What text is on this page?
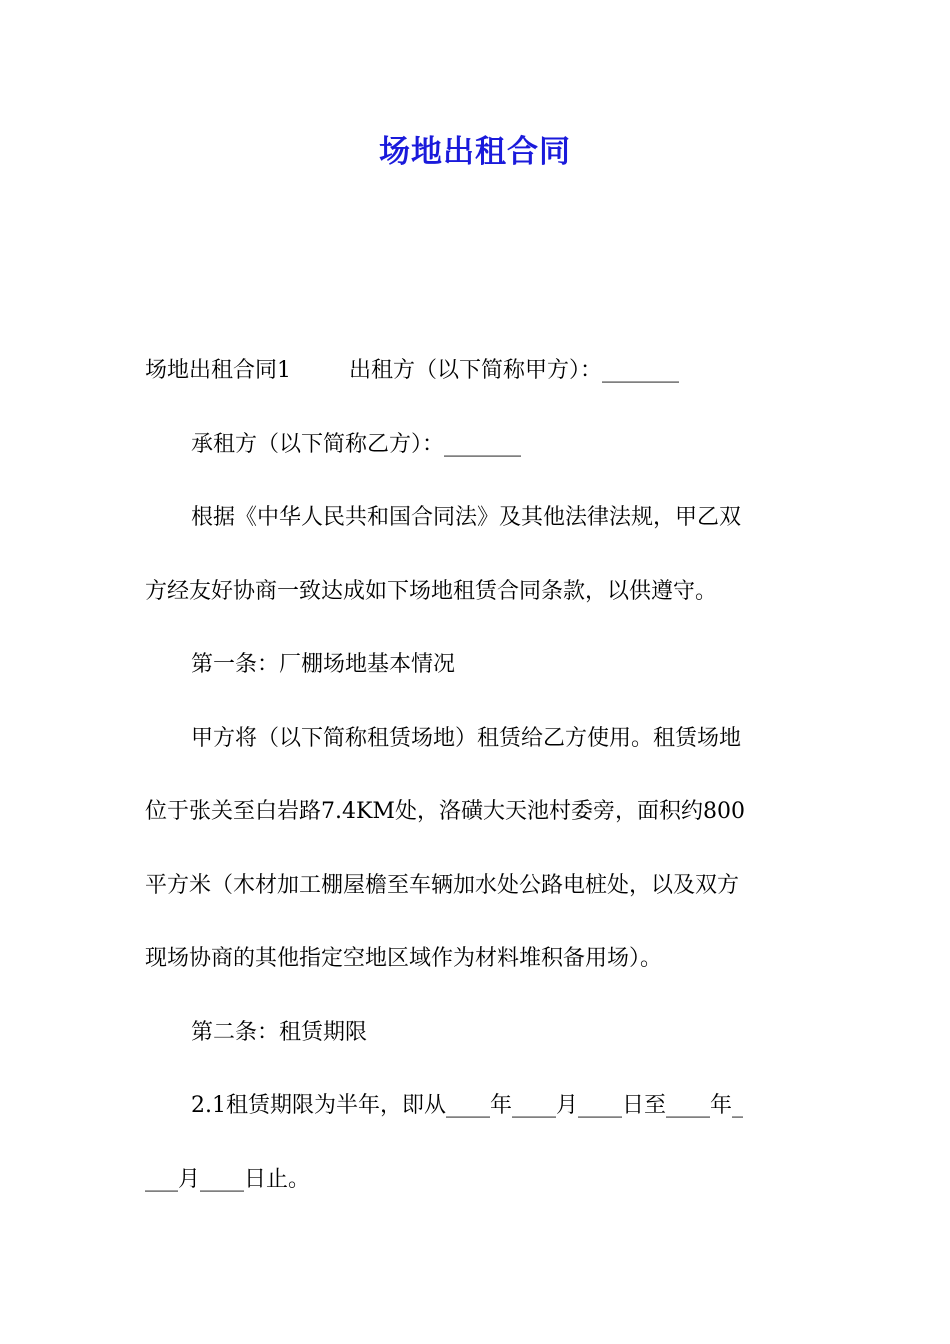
场地出租合同

场地出租合同1	出租方（以下简称甲方）：_______

承租方（以下简称乙方）：_______

根据《中华人民共和国合同法》及其他法律法规，甲乙双

方经友好协商一致达成如下场地租赁合同条款，以供遵守。

第一条：厂棚场地基本情况

甲方将（以下简称租赁场地）租赁给乙方使用。租赁场地

位于张关至白岩路7.4KM处，洛磺大天池村委旁，面积约800

平方米（木材加工棚屋檐至车辆加水处公路电桩处，以及双方

现场协商的其他指定空地区域作为材料堆积备用场）。

第二条：租赁期限

2.1租赁期限为半年，即从____年____月____日至____年_

___月____日止。
